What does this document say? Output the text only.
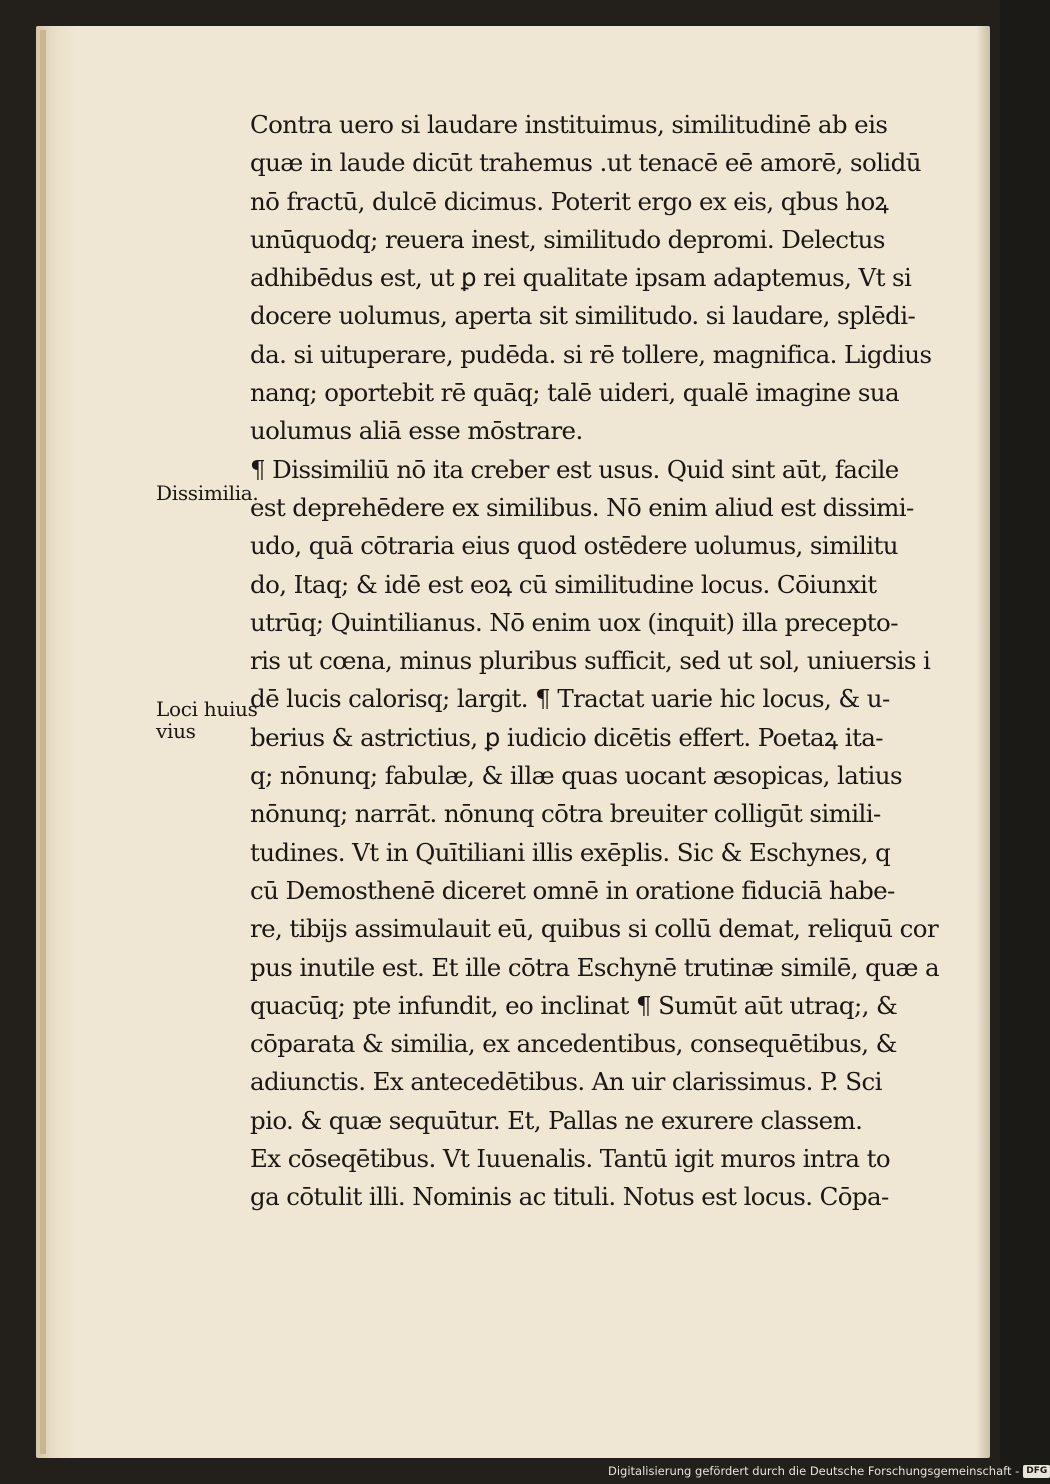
Contra uero si laudare instituimus, similitudinē ab eis
quæ in laude dicūt trahemus .ut tenacē eē amorē, solidū
nō fractū, dulcē dicimus. Poterit ergo ex eis, qbus hoꝝ
unūquodq; reuera inest, similitudo depromi. Delectus
adhibēdus est, ut ꝑ rei qualitate ipsam adaptemus, Vt si
docere uolumus, aperta sit similitudo. si laudare, splēdi-
da. si uituperare, pudēda. si rē tollere, magnifica. Ligdius
nanq; oportebit rē quāq; talē uideri, qualē imagine sua
uolumus aliā esse mōstrare.
¶ Dissimiliū nō ita creber est usus. Quid sint aūt, facile
est deprehēdere ex similibus. Nō enim aliud est dissimi-
udo, quā cōtraria eius quod ostēdere uolumus, similitu
do, Itaq; & idē est eoꝝ cū similitudine locus. Cōiunxit
utrūq; Quintilianus. Nō enim uox (inquit) illa precepto-
ris ut cœna, minus pluribus sufficit, sed ut sol, uniuersis i
dē lucis calorisq; largit. ¶ Tractat uarie hic locus, & u-
berius & astrictius, ꝑ iudicio dicētis effert. Poetaꝝ ita-
q; nōnunq; fabulæ, & illæ quas uocant æsopicas, latius
nōnunq; narrāt. nōnunq cōtra breuiter colligūt simili-
tudines. Vt in Quītiliani illis exēplis. Sic & Eschynes, q
cū Demosthenē diceret omnē in oratione fiduciā habe-
re, tibijs assimulauit eū, quibus si collū demat, reliquū cor
pus inutile est. Et ille cōtra Eschynē trutinæ similē, quæ a
quacūq; pte infundit, eo inclinat ¶ Sumūt aūt utraq;, &
cōparata & similia, ex ancedentibus, consequētibus, &
adiunctis. Ex antecedētibus. An uir clarissimus. P. Sci
pio. & quæ sequūtur. Et, Pallas ne exurere classem.
Ex cōseqētibus. Vt Iuuenalis. Tantū igit muros intra to
ga cōtulit illi. Nominis ac tituli. Notus est locus. Cōpa-
Dissimilia.
Loci huius
vius
Digitalisierung gefördert durch die Deutsche Forschungsgemeinschaft - DFG
